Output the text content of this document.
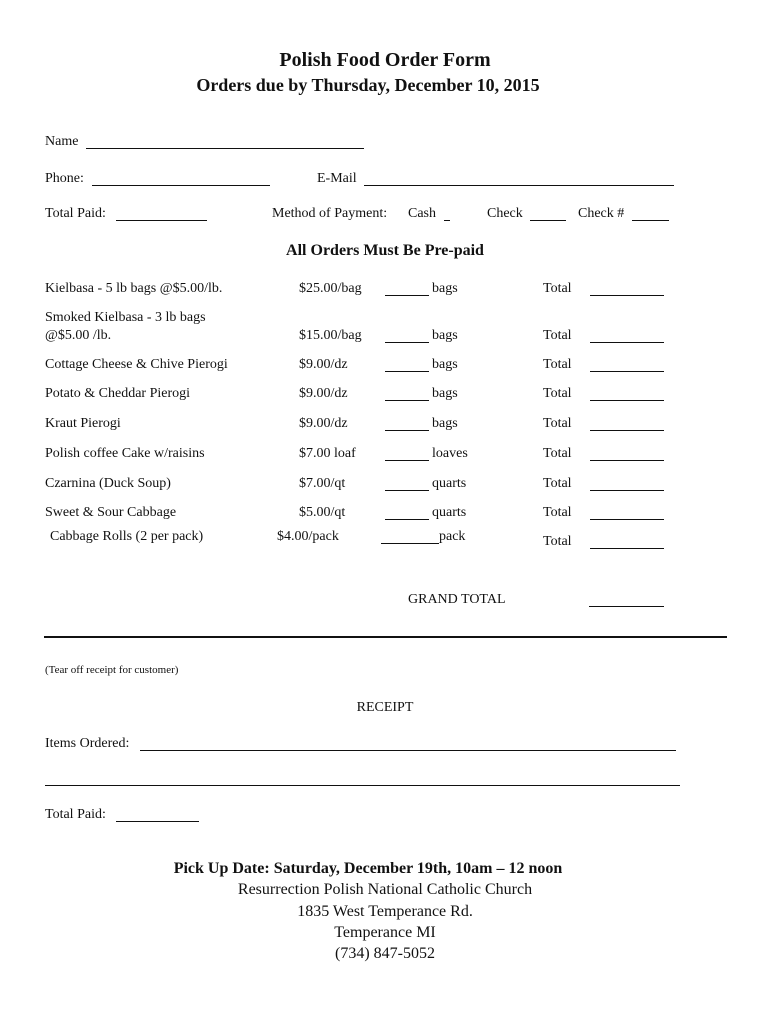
Polish Food Order Form
Orders due by Thursday, December 10, 2015
Name
Phone:	E-Mail
Total Paid:	Method of Payment: Cash	Check	Check #
All Orders Must Be Pre-paid
Kielbasa - 5 lb bags @$5.00/lb.	$25.00/bag	bags	Total
Smoked Kielbasa - 3 lb bags
@$5.00 /lb.	$15.00/bag	bags	Total
Cottage Cheese & Chive Pierogi	$9.00/dz	bags	Total
Potato & Cheddar Pierogi	$9.00/dz	bags	Total
Kraut Pierogi	$9.00/dz	bags	Total
Polish coffee Cake w/raisins	$7.00 loaf	loaves	Total
Czarnina (Duck Soup)	$7.00/qt	quarts	Total
Sweet & Sour Cabbage	$5.00/qt	quarts	Total
Cabbage Rolls (2 per pack)	$4.00/pack	pack	Total
GRAND TOTAL
(Tear off receipt for customer)
RECEIPT
Items Ordered:
Total Paid:
Pick Up Date: Saturday, December 19th, 10am – 12 noon
Resurrection Polish National Catholic Church
1835 West Temperance Rd.
Temperance MI
(734) 847-5052
